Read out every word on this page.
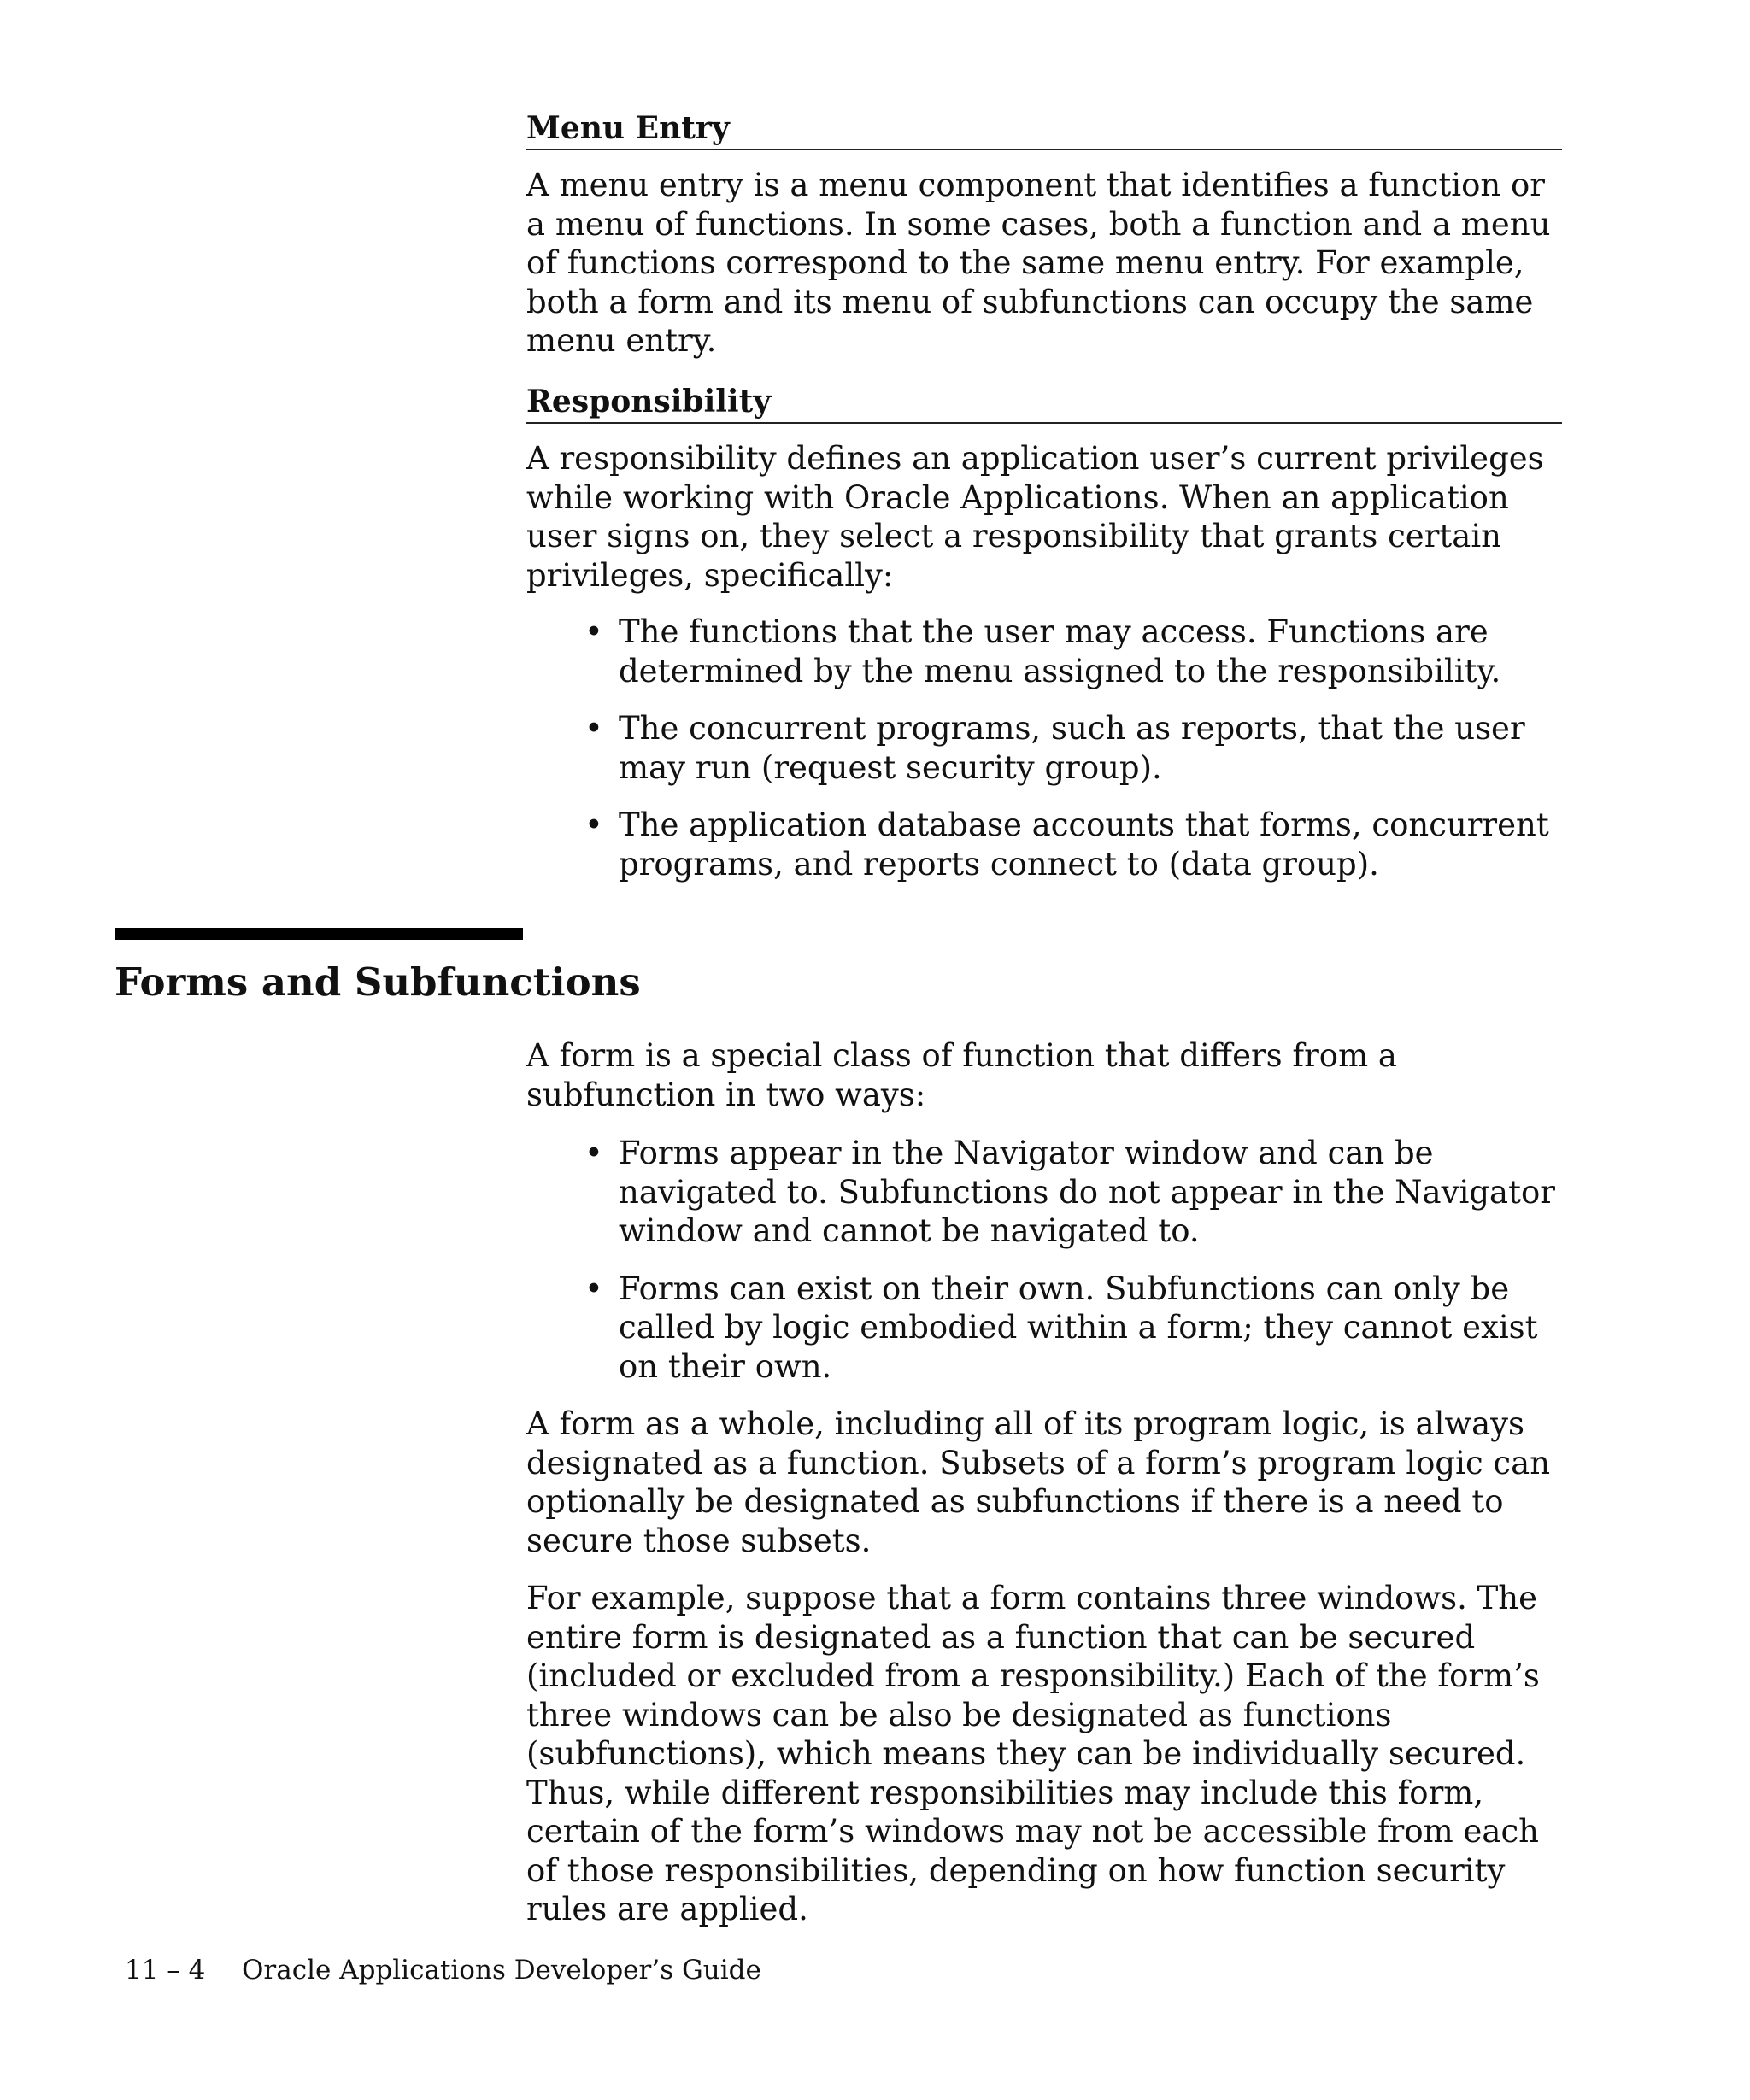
Menu Entry

A menu entry is a menu component that identifies a function or a menu of functions. In some cases, both a function and a menu of functions correspond to the same menu entry. For example, both a form and its menu of subfunctions can occupy the same menu entry.

Responsibility

A responsibility defines an application user’s current privileges while working with Oracle Applications. When an application user signs on, they select a responsibility that grants certain privileges, specifically:

• The functions that the user may access. Functions are determined by the menu assigned to the responsibility.
• The concurrent programs, such as reports, that the user may run (request security group).
• The application database accounts that forms, concurrent programs, and reports connect to (data group).
Forms and Subfunctions

A form is a special class of function that differs from a subfunction in two ways:

• Forms appear in the Navigator window and can be navigated to. Subfunctions do not appear in the Navigator window and cannot be navigated to.
• Forms can exist on their own. Subfunctions can only be called by logic embodied within a form; they cannot exist on their own.

A form as a whole, including all of its program logic, is always designated as a function. Subsets of a form’s program logic can optionally be designated as subfunctions if there is a need to secure those subsets.

For example, suppose that a form contains three windows. The entire form is designated as a function that can be secured (included or excluded from a responsibility.) Each of the form’s three windows can be also be designated as functions (subfunctions), which means they can be individually secured. Thus, while different responsibilities may include this form, certain of the form’s windows may not be accessible from each of those responsibilities, depending on how function security rules are applied.

11 – 4 Oracle Applications Developer’s Guide
